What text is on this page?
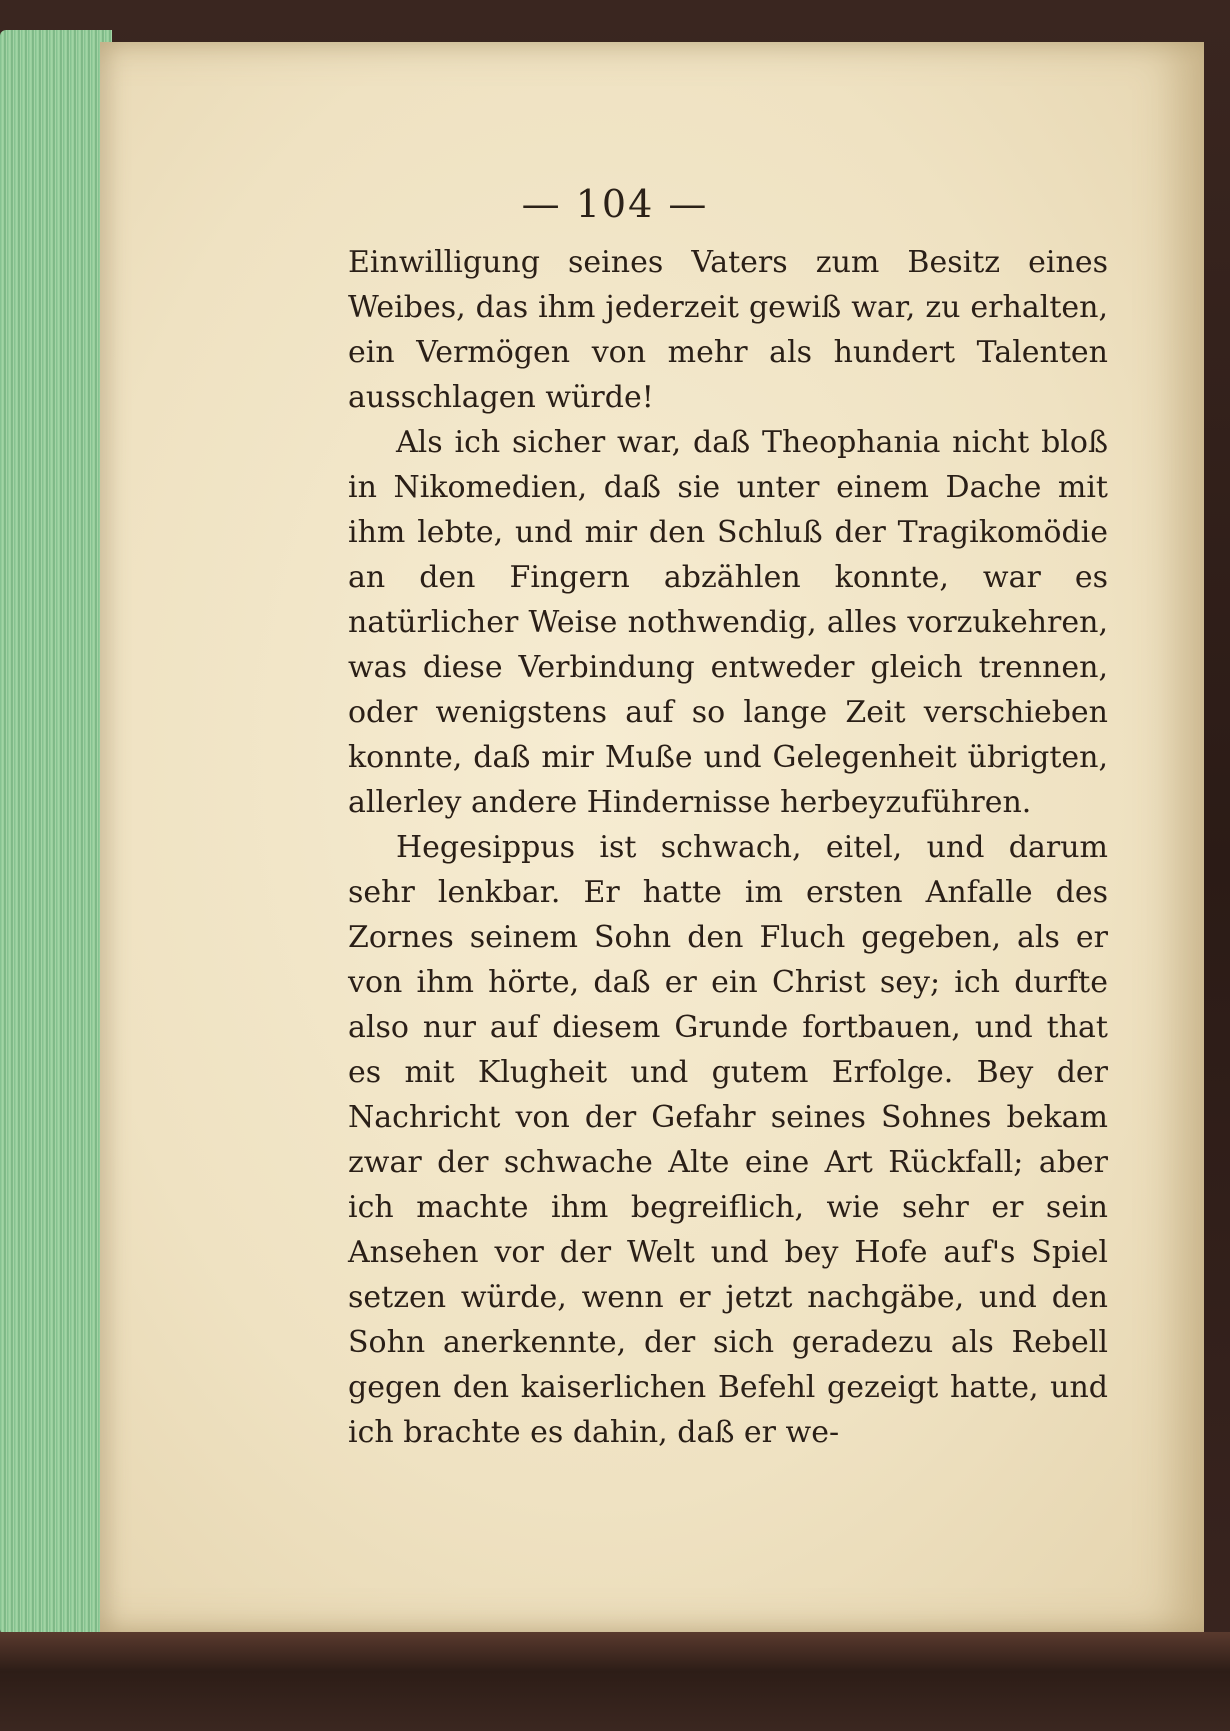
— 104 —

Einwilligung seines Vaters zum Besitz eines Weibes, das ihm jederzeit gewiß war, zu erhalten, ein Vermögen von mehr als hundert Talenten ausschlagen würde!

Als ich sicher war, daß Theophania nicht bloß in Nikomedien, daß sie unter einem Dache mit ihm lebte, und mir den Schluß der Tragikomödie an den Fingern abzählen konnte, war es natürlicher Weise nothwendig, alles vorzukehren, was diese Verbindung entweder gleich trennen, oder wenigstens auf so lange Zeit verschieben konnte, daß mir Muße und Gelegenheit übrigten, allerley andere Hindernisse herbeyzuführen.

Hegesippus ist schwach, eitel, und darum sehr lenkbar. Er hatte im ersten Anfalle des Zornes seinem Sohn den Fluch gegeben, als er von ihm hörte, daß er ein Christ sey; ich durfte also nur auf diesem Grunde fortbauen, und that es mit Klugheit und gutem Erfolge. Bey der Nachricht von der Gefahr seines Sohnes bekam zwar der schwache Alte eine Art Rückfall; aber ich machte ihm begreiflich, wie sehr er sein Ansehen vor der Welt und bey Hofe auf's Spiel setzen würde, wenn er jetzt nachgäbe, und den Sohn anerkennte, der sich geradezu als Rebell gegen den kaiserlichen Befehl gezeigt hatte, und ich brachte es dahin, daß er we-
